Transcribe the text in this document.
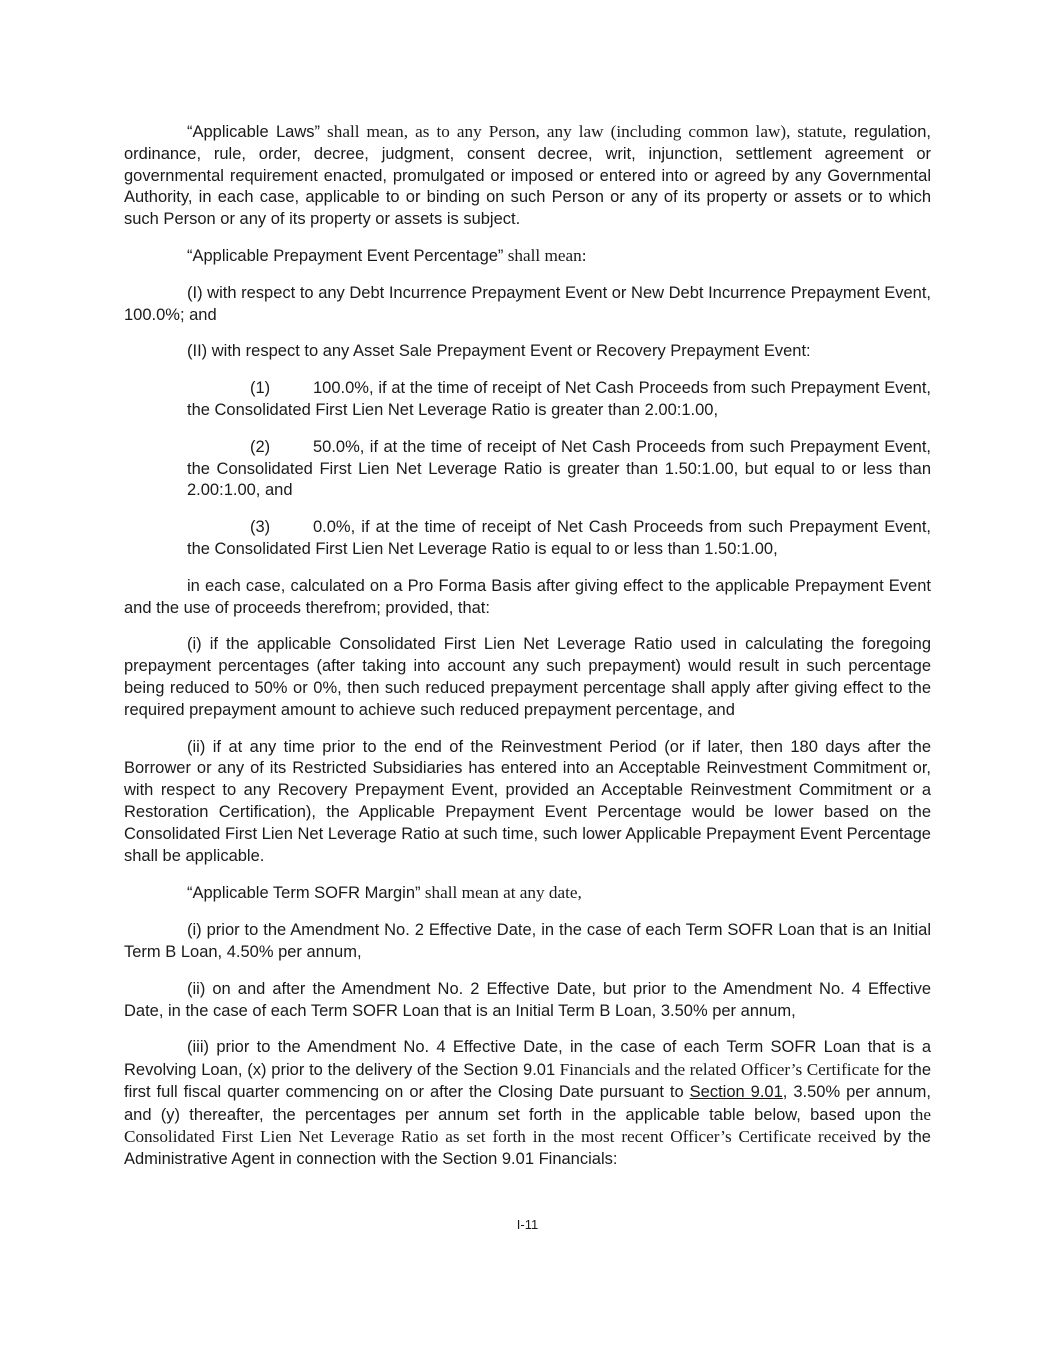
“Applicable Laws” shall mean, as to any Person, any law (including common law), statute, regulation, ordinance, rule, order, decree, judgment, consent decree, writ, injunction, settlement agreement or governmental requirement enacted, promulgated or imposed or entered into or agreed by any Governmental Authority, in each case, applicable to or binding on such Person or any of its property or assets or to which such Person or any of its property or assets is subject.

“Applicable Prepayment Event Percentage” shall mean:

(I) with respect to any Debt Incurrence Prepayment Event or New Debt Incurrence Prepayment Event, 100.0%; and

(II) with respect to any Asset Sale Prepayment Event or Recovery Prepayment Event:

(1)	100.0%, if at the time of receipt of Net Cash Proceeds from such Prepayment Event, the Consolidated First Lien Net Leverage Ratio is greater than 2.00:1.00,

(2)	50.0%, if at the time of receipt of Net Cash Proceeds from such Prepayment Event, the Consolidated First Lien Net Leverage Ratio is greater than 1.50:1.00, but equal to or less than 2.00:1.00, and

(3)	0.0%, if at the time of receipt of Net Cash Proceeds from such Prepayment Event, the Consolidated First Lien Net Leverage Ratio is equal to or less than 1.50:1.00,

in each case, calculated on a Pro Forma Basis after giving effect to the applicable Prepayment Event and the use of proceeds therefrom; provided, that:

(i) if the applicable Consolidated First Lien Net Leverage Ratio used in calculating the foregoing prepayment percentages (after taking into account any such prepayment) would result in such percentage being reduced to 50% or 0%, then such reduced prepayment percentage shall apply after giving effect to the required prepayment amount to achieve such reduced prepayment percentage, and

(ii) if at any time prior to the end of the Reinvestment Period (or if later, then 180 days after the Borrower or any of its Restricted Subsidiaries has entered into an Acceptable Reinvestment Commitment or, with respect to any Recovery Prepayment Event, provided an Acceptable Reinvestment Commitment or a Restoration Certification), the Applicable Prepayment Event Percentage would be lower based on the Consolidated First Lien Net Leverage Ratio at such time, such lower Applicable Prepayment Event Percentage shall be applicable.

“Applicable Term SOFR Margin” shall mean at any date,

(i) prior to the Amendment No. 2 Effective Date, in the case of each Term SOFR Loan that is an Initial Term B Loan, 4.50% per annum,

(ii) on and after the Amendment No. 2 Effective Date, but prior to the Amendment No. 4 Effective Date, in the case of each Term SOFR Loan that is an Initial Term B Loan, 3.50% per annum,

(iii) prior to the Amendment No. 4 Effective Date, in the case of each Term SOFR Loan that is a Revolving Loan, (x) prior to the delivery of the Section 9.01 Financials and the related Officer’s Certificate for the first full fiscal quarter commencing on or after the Closing Date pursuant to Section 9.01, 3.50% per annum, and (y) thereafter, the percentages per annum set forth in the applicable table below, based upon the Consolidated First Lien Net Leverage Ratio as set forth in the most recent Officer’s Certificate received by the Administrative Agent in connection with the Section 9.01 Financials:

I-11
